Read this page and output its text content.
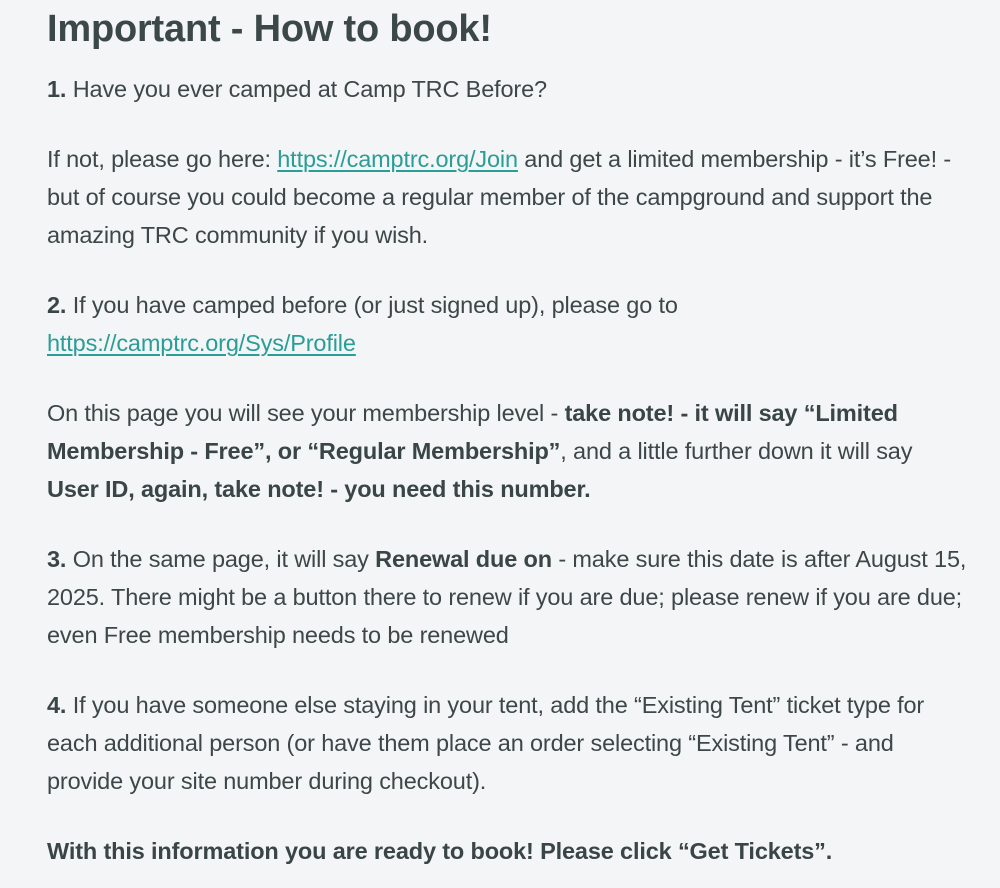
Important - How to book!

1. Have you ever camped at Camp TRC Before?

If not, please go here: https://camptrc.org/Join and get a limited membership - it’s Free! - but of course you could become a regular member of the campground and support the amazing TRC community if you wish.

2. If you have camped before (or just signed up), please go to https://camptrc.org/Sys/Profile

On this page you will see your membership level - take note! - it will say “Limited Membership - Free”, or “Regular Membership”, and a little further down it will say User ID, again, take note! - you need this number.

3. On the same page, it will say Renewal due on - make sure this date is after August 15, 2025. There might be a button there to renew if you are due; please renew if you are due; even Free membership needs to be renewed

4. If you have someone else staying in your tent, add the “Existing Tent” ticket type for each additional person (or have them place an order selecting “Existing Tent” - and provide your site number during checkout).

With this information you are ready to book! Please click “Get Tickets”.
